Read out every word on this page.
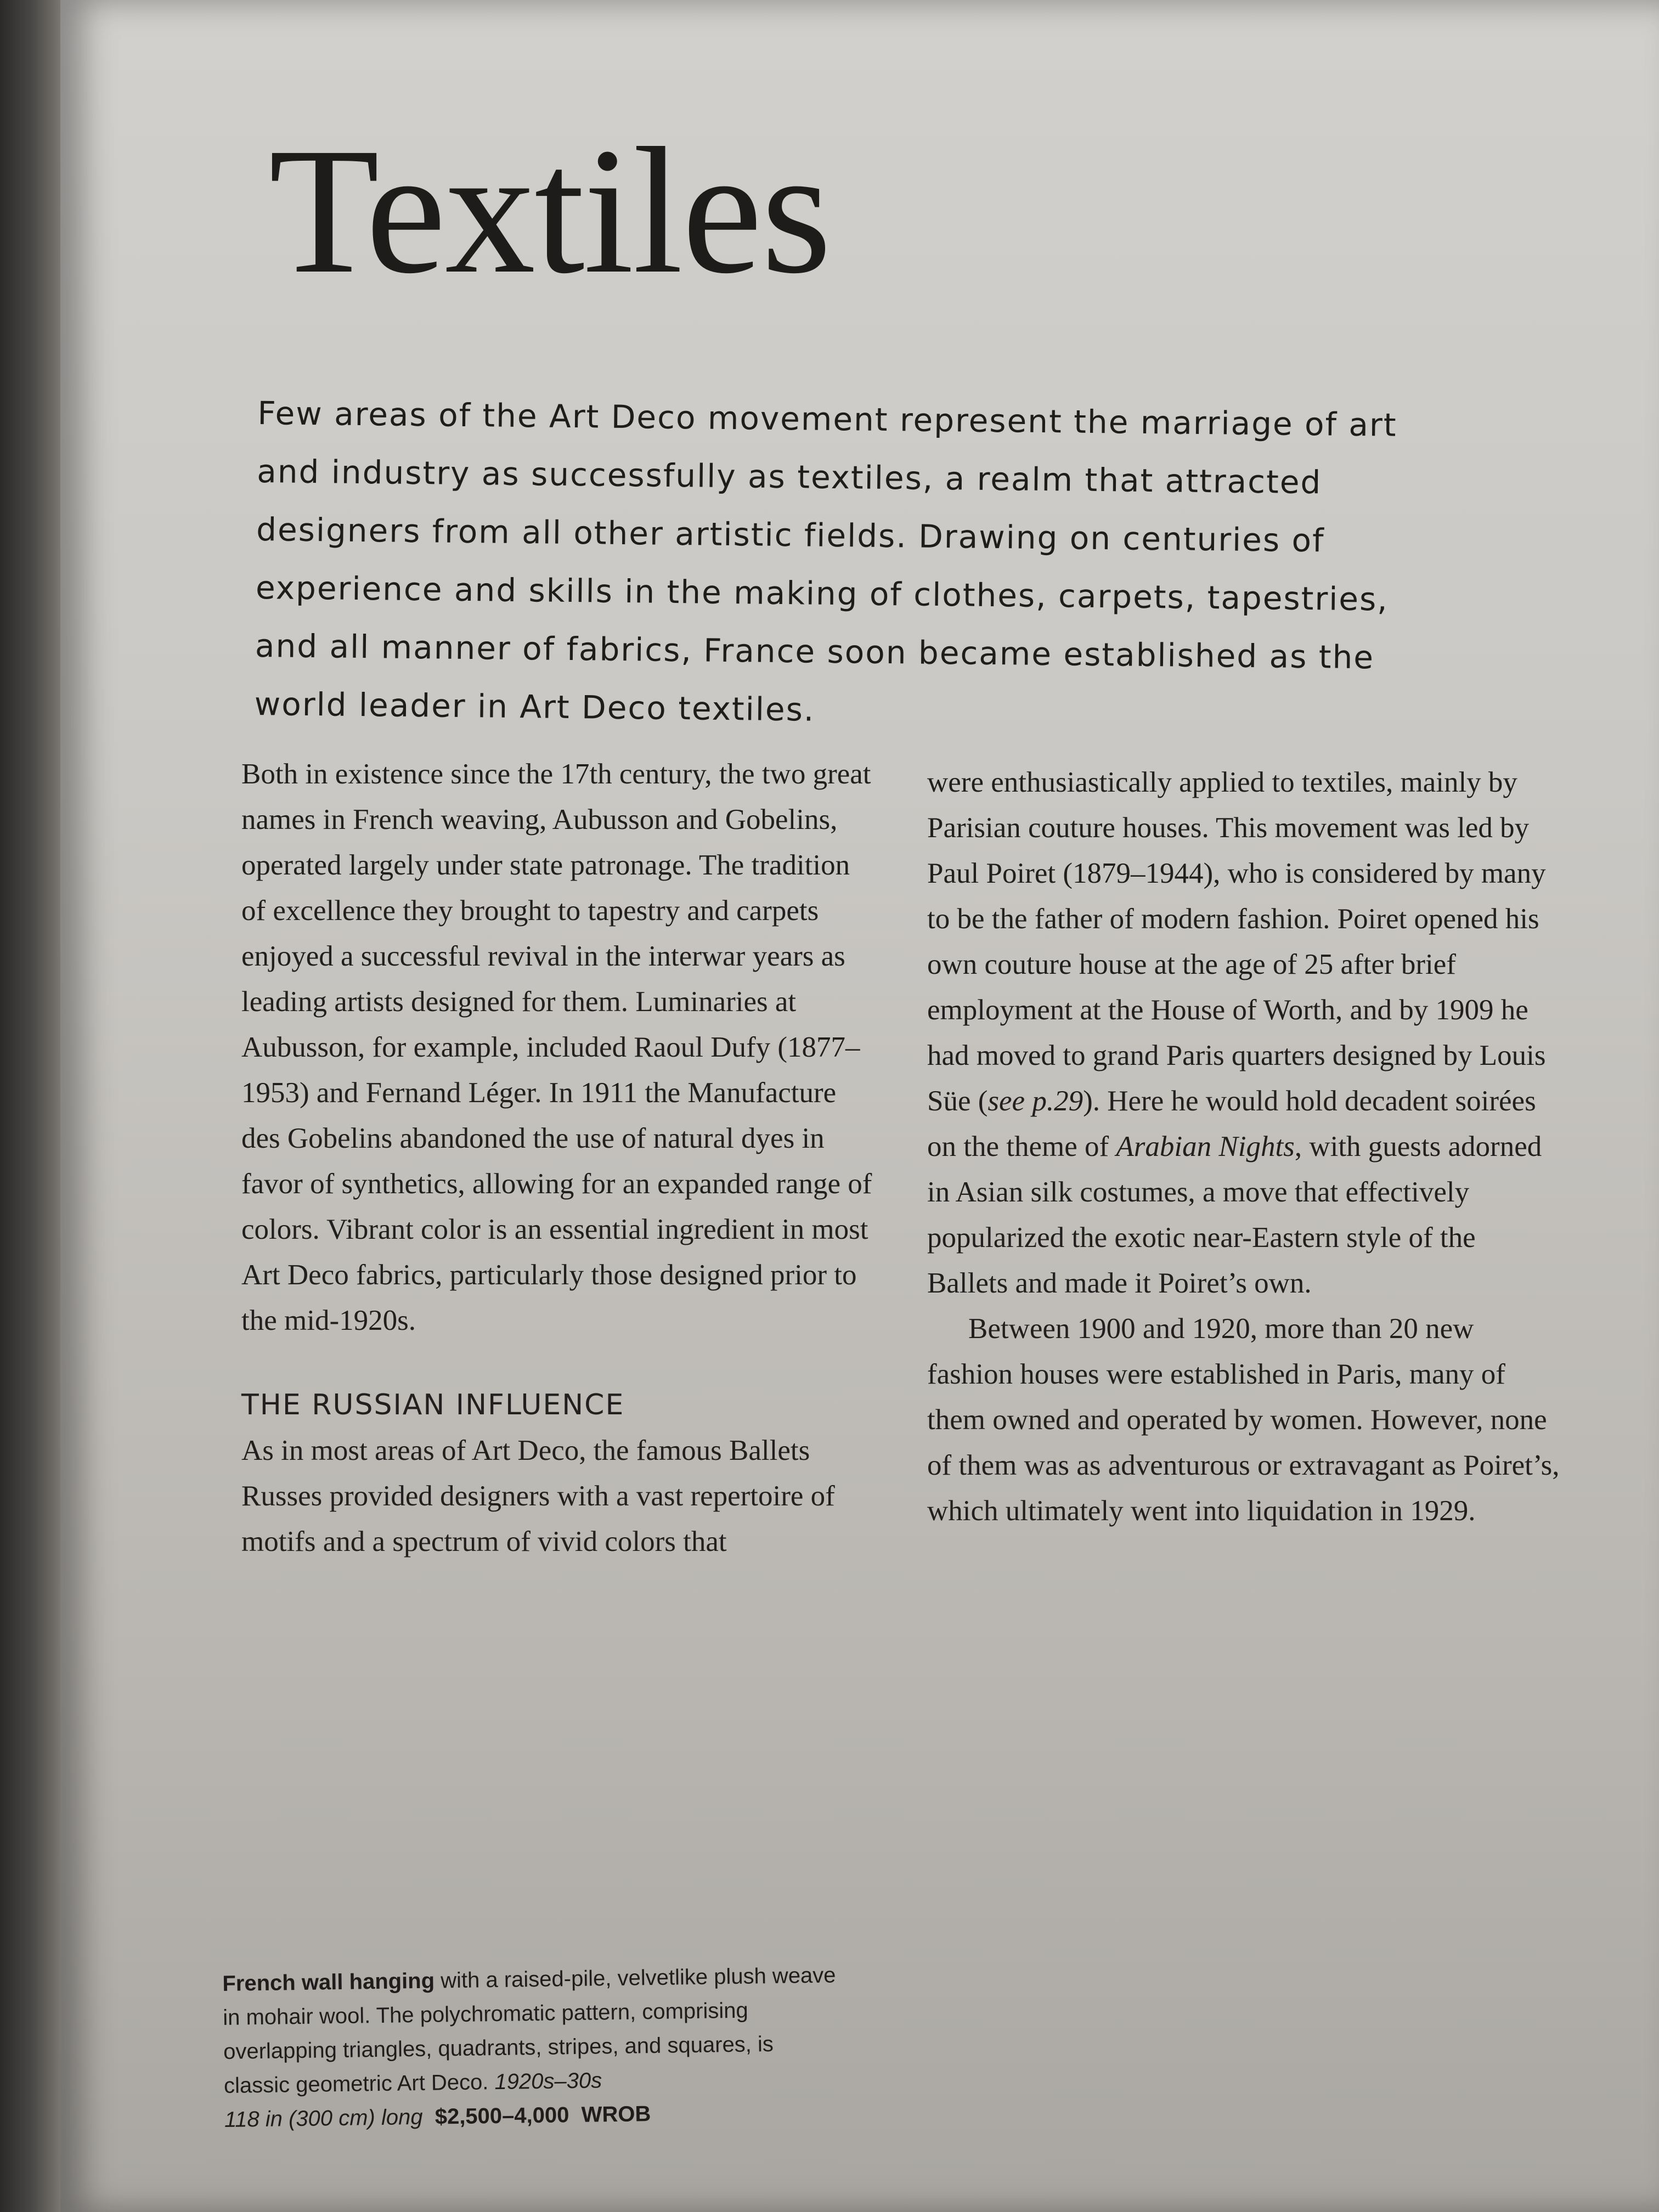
Textiles

Few areas of the Art Deco movement represent the marriage of art and industry as successfully as textiles, a realm that attracted designers from all other artistic fields. Drawing on centuries of experience and skills in the making of clothes, carpets, tapestries, and all manner of fabrics, France soon became established as the world leader in Art Deco textiles.

Both in existence since the 17th century, the two great names in French weaving, Aubusson and Gobelins, operated largely under state patronage. The tradition of excellence they brought to tapestry and carpets enjoyed a successful revival in the interwar years as leading artists designed for them. Luminaries at Aubusson, for example, included Raoul Dufy (1877–1953) and Fernand Léger. In 1911 the Manufacture des Gobelins abandoned the use of natural dyes in favor of synthetics, allowing for an expanded range of colors. Vibrant color is an essential ingredient in most Art Deco fabrics, particularly those designed prior to the mid-1920s.

THE RUSSIAN INFLUENCE

As in most areas of Art Deco, the famous Ballets Russes provided designers with a vast repertoire of motifs and a spectrum of vivid colors that

were enthusiastically applied to textiles, mainly by Parisian couture houses. This movement was led by Paul Poiret (1879–1944), who is considered by many to be the father of modern fashion. Poiret opened his own couture house at the age of 25 after brief employment at the House of Worth, and by 1909 he had moved to grand Paris quarters designed by Louis Süe (see p.29). Here he would hold decadent soirées on the theme of Arabian Nights, with guests adorned in Asian silk costumes, a move that effectively popularized the exotic near-Eastern style of the Ballets and made it Poiret’s own.

Between 1900 and 1920, more than 20 new fashion houses were established in Paris, many of them owned and operated by women. However, none of them was as adventurous or extravagant as Poiret’s, which ultimately went into liquidation in 1929.

French wall hanging with a raised-pile, velvetlike plush weave in mohair wool. The polychromatic pattern, comprising overlapping triangles, quadrants, stripes, and squares, is classic geometric Art Deco. 1920s–30s
118 in (300 cm) long $2,500–4,000 WROB
